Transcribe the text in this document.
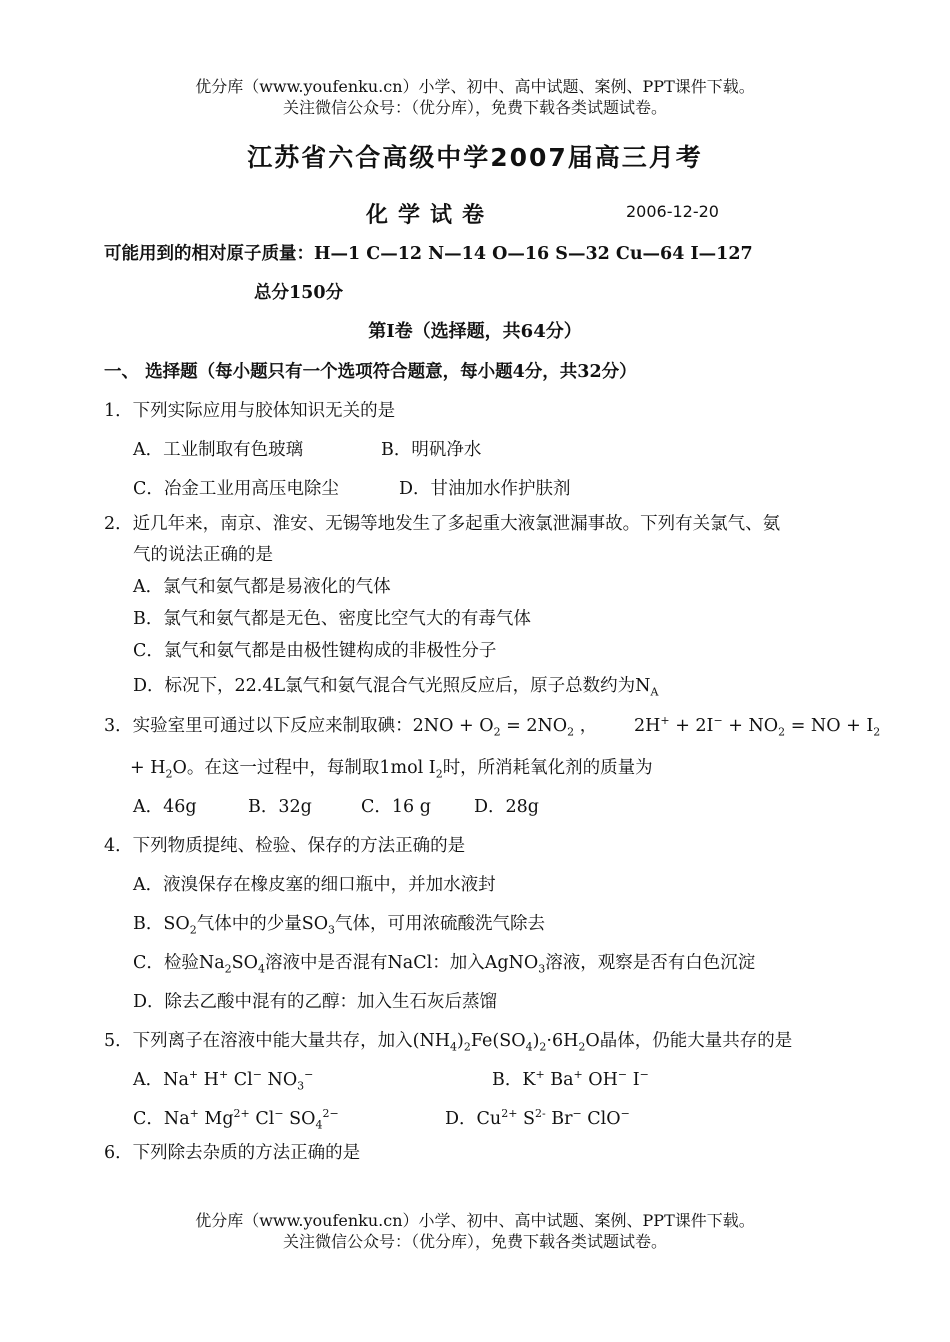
优分库（www.youfenku.cn）小学、初中、高中试题、案例、PPT课件下载。
关注微信公众号：（优分库），免费下载各类试题试卷。
江苏省六合高级中学2007届高三月考
化学试卷	2006-12-20
可能用到的相对原子质量：H—1 C—12 N—14 O—16 S—32 Cu—64 I—127
总分150分
第I卷（选择题，共64分）
一、 选择题（每小题只有一个选项符合题意，每小题4分，共32分）
1．下列实际应用与胶体知识无关的是
A．工业制取有色玻璃	B．明矾净水
C．冶金工业用高压电除尘	D．甘油加水作护肤剂
2．近几年来，南京、淮安、无锡等地发生了多起重大液氯泄漏事故。下列有关氯气、氨
气的说法正确的是
A．氯气和氨气都是易液化的气体
B．氯气和氨气都是无色、密度比空气大的有毒气体
C．氯气和氨气都是由极性键构成的非极性分子
D．标况下，22.4L氯气和氨气混合气光照反应后，原子总数约为$N_A$
3．实验室里可通过以下反应来制取碘：$2NO + O_2 = 2NO_2$ ， $2H^+ + 2I^- + NO_2$ = NO + $I_2$
+ $H_2O$。在这一过程中，每制取1mol $I_2$时，所消耗氧化剂的质量为
A．46g	B．32g	C．16 g D．28g
4．下列物质提纯、检验、保存的方法正确的是
A．液溴保存在橡皮塞的细口瓶中，并加水液封
B．$SO_2$气体中的少量$SO_3$气体，可用浓硫酸洗气除去
C．检验$Na_2SO_4$溶液中是否混有NaCl：加入AgNO$_3$溶液，观察是否有白色沉淀
D．除去乙酸中混有的乙醇：加入生石灰后蒸馏
5．下列离子在溶液中能大量共存，加入$(NH_4)_2Fe(SO_4)_2\cdot 6H_2O$晶体，仍能大量共存的是
A．Na+ H+ Cl− $NO_3^-$	B．K+ Ba+ OH− I−
C．Na+ $Mg^{2+}$ Cl− $SO_4^{2-}$	D．$Cu^{2+}$ $S^{2-}$ Br− ClO−
6．下列除去杂质的方法正确的是
优分库（www.youfenku.cn）小学、初中、高中试题、案例、PPT课件下载。
关注微信公众号：（优分库），免费下载各类试题试卷。
